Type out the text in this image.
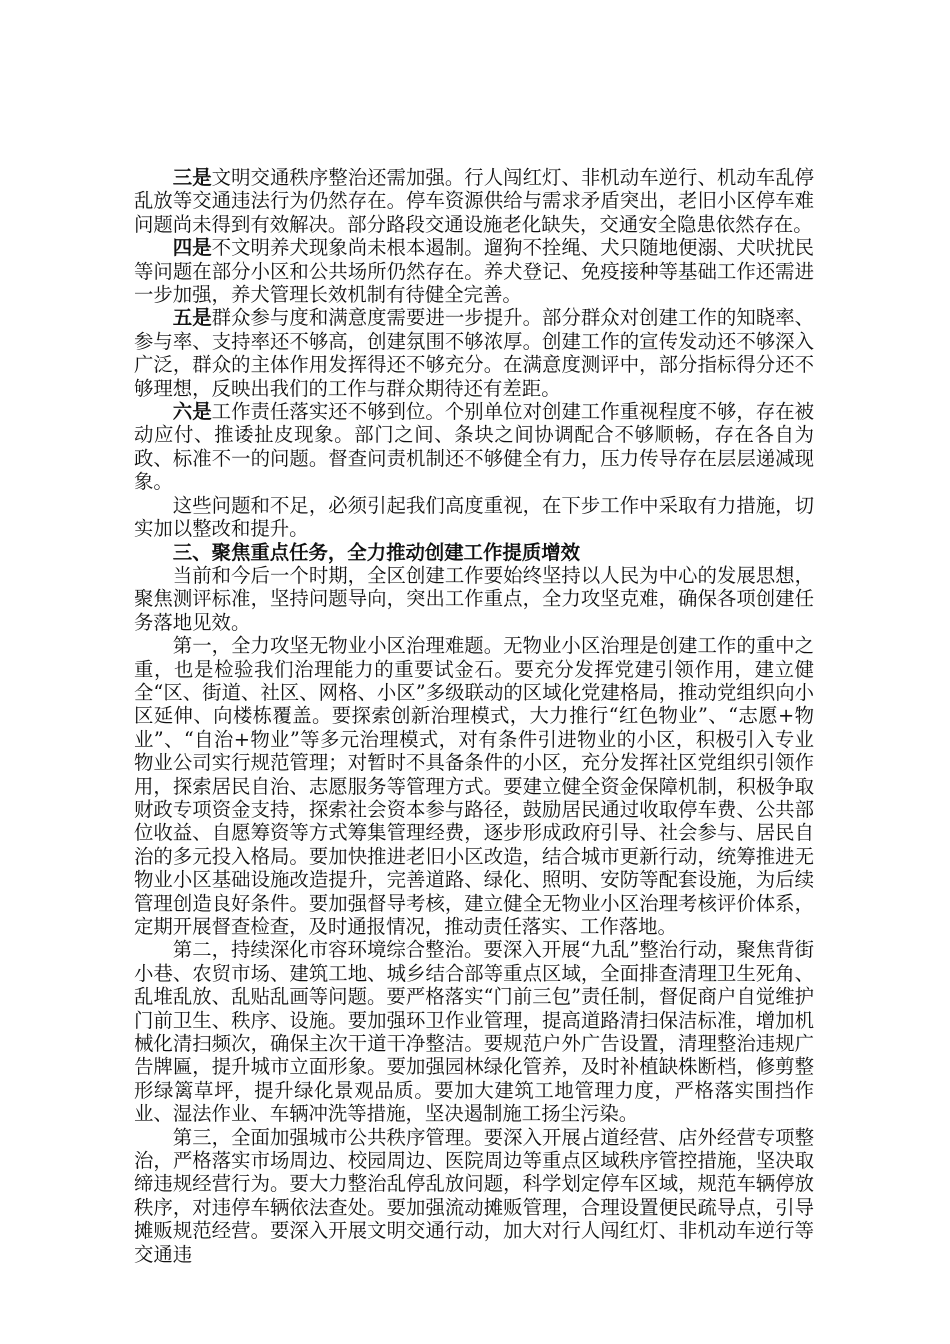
三是文明交通秩序整治还需加强。行人闯红灯、非机动车逆行、机动车乱停乱放等交通违法行为仍然存在。停车资源供给与需求矛盾突出，老旧小区停车难问题尚未得到有效解决。部分路段交通设施老化缺失，交通安全隐患依然存在。

四是不文明养犬现象尚未根本遏制。遛狗不拴绳、犬只随地便溺、犬吠扰民等问题在部分小区和公共场所仍然存在。养犬登记、免疫接种等基础工作还需进一步加强，养犬管理长效机制有待健全完善。

五是群众参与度和满意度需要进一步提升。部分群众对创建工作的知晓率、参与率、支持率还不够高，创建氛围不够浓厚。创建工作的宣传发动还不够深入广泛，群众的主体作用发挥得还不够充分。在满意度测评中，部分指标得分还不够理想，反映出我们的工作与群众期待还有差距。

六是工作责任落实还不够到位。个别单位对创建工作重视程度不够，存在被动应付、推诿扯皮现象。部门之间、条块之间协调配合不够顺畅，存在各自为政、标准不一的问题。督查问责机制还不够健全有力，压力传导存在层层递减现象。

这些问题和不足，必须引起我们高度重视，在下步工作中采取有力措施，切实加以整改和提升。

三、聚焦重点任务，全力推动创建工作提质增效

当前和今后一个时期，全区创建工作要始终坚持以人民为中心的发展思想，聚焦测评标准，坚持问题导向，突出工作重点，全力攻坚克难，确保各项创建任务落地见效。

第一，全力攻坚无物业小区治理难题。无物业小区治理是创建工作的重中之重，也是检验我们治理能力的重要试金石。要充分发挥党建引领作用，建立健全“区、街道、社区、网格、小区”多级联动的区域化党建格局，推动党组织向小区延伸、向楼栋覆盖。要探索创新治理模式，大力推行“红色物业”、“志愿+物业”、“自治+物业”等多元治理模式，对有条件引进物业的小区，积极引入专业物业公司实行规范管理；对暂时不具备条件的小区，充分发挥社区党组织引领作用，探索居民自治、志愿服务等管理方式。要建立健全资金保障机制，积极争取财政专项资金支持，探索社会资本参与路径，鼓励居民通过收取停车费、公共部位收益、自愿筹资等方式筹集管理经费，逐步形成政府引导、社会参与、居民自治的多元投入格局。要加快推进老旧小区改造，结合城市更新行动，统筹推进无物业小区基础设施改造提升，完善道路、绿化、照明、安防等配套设施，为后续管理创造良好条件。要加强督导考核，建立健全无物业小区治理考核评价体系，定期开展督查检查，及时通报情况，推动责任落实、工作落地。

第二，持续深化市容环境综合整治。要深入开展“九乱”整治行动，聚焦背街小巷、农贸市场、建筑工地、城乡结合部等重点区域，全面排查清理卫生死角、乱堆乱放、乱贴乱画等问题。要严格落实“门前三包”责任制，督促商户自觉维护门前卫生、秩序、设施。要加强环卫作业管理，提高道路清扫保洁标准，增加机械化清扫频次，确保主次干道干净整洁。要规范户外广告设置，清理整治违规广告牌匾，提升城市立面形象。要加强园林绿化管养，及时补植缺株断档，修剪整形绿篱草坪，提升绿化景观品质。要加大建筑工地管理力度，严格落实围挡作业、湿法作业、车辆冲洗等措施，坚决遏制施工扬尘污染。

第三，全面加强城市公共秩序管理。要深入开展占道经营、店外经营专项整治，严格落实市场周边、校园周边、医院周边等重点区域秩序管控措施，坚决取缔违规经营行为。要大力整治乱停乱放问题，科学划定停车区域，规范车辆停放秩序，对违停车辆依法查处。要加强流动摊贩管理，合理设置便民疏导点，引导摊贩规范经营。要深入开展文明交通行动，加大对行人闯红灯、非机动车逆行等交通违
